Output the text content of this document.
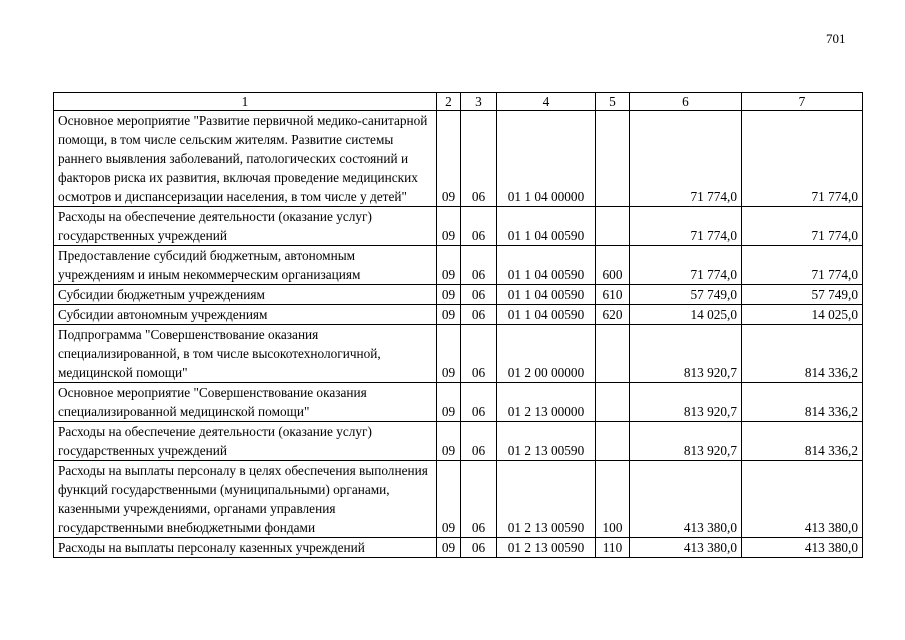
701
1	2	3	4	5	6	7
Основное мероприятие "Развитие первичной медико-санитарной помощи, в том числе сельским жителям. Развитие системы раннего выявления заболеваний, патологических состояний и факторов риска их развития, включая проведение медицинских осмотров и диспансеризации населения, в том числе у детей"	09	06	01 1 04 00000		71 774,0	71 774,0
Расходы на обеспечение деятельности (оказание услуг) государственных учреждений	09	06	01 1 04 00590		71 774,0	71 774,0
Предоставление субсидий бюджетным, автономным учреждениям и иным некоммерческим организациям	09	06	01 1 04 00590	600	71 774,0	71 774,0
Субсидии бюджетным учреждениям	09	06	01 1 04 00590	610	57 749,0	57 749,0
Субсидии автономным учреждениям	09	06	01 1 04 00590	620	14 025,0	14 025,0
Подпрограмма "Совершенствование оказания специализированной, в том числе высокотехнологичной, медицинской помощи"	09	06	01 2 00 00000		813 920,7	814 336,2
Основное мероприятие "Совершенствование оказания специализированной медицинской помощи"	09	06	01 2 13 00000		813 920,7	814 336,2
Расходы на обеспечение деятельности (оказание услуг) государственных учреждений	09	06	01 2 13 00590		813 920,7	814 336,2
Расходы на выплаты персоналу в целях обеспечения выполнения функций государственными (муниципальными) органами, казенными учреждениями, органами управления государственными внебюджетными фондами	09	06	01 2 13 00590	100	413 380,0	413 380,0
Расходы на выплаты персоналу казенных учреждений	09	06	01 2 13 00590	110	413 380,0	413 380,0
